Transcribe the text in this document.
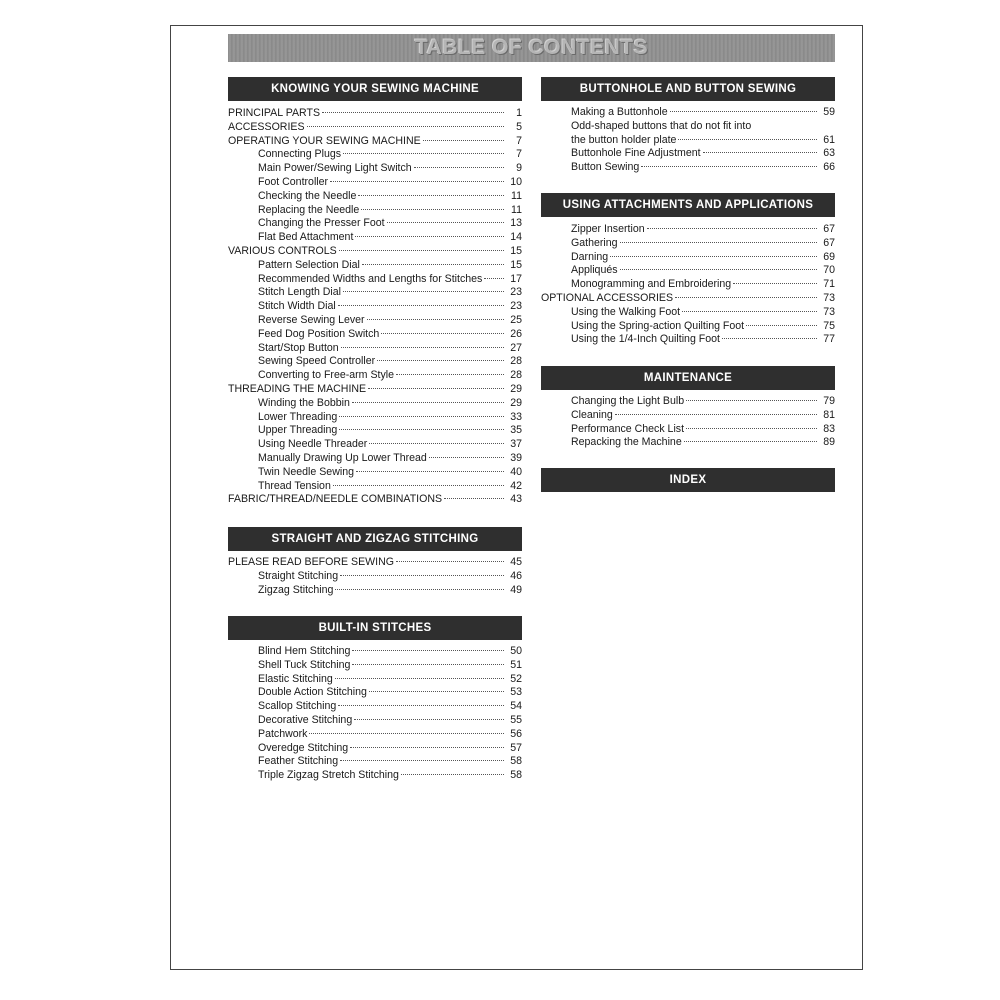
TABLE OF CONTENTS
KNOWING YOUR SEWING MACHINE
PRINCIPAL PARTS	1
ACCESSORIES	5
OPERATING YOUR SEWING MACHINE	7
Connecting Plugs	7
Main Power/Sewing Light Switch	9
Foot Controller	10
Checking the Needle	11
Replacing the Needle	11
Changing the Presser Foot	13
Flat Bed Attachment	14
VARIOUS CONTROLS	15
Pattern Selection Dial	15
Recommended Widths and Lengths for Stitches	17
Stitch Length Dial	23
Stitch Width Dial	23
Reverse Sewing Lever	25
Feed Dog Position Switch	26
Start/Stop Button	27
Sewing Speed Controller	28
Converting to Free-arm Style	28
THREADING THE MACHINE	29
Winding the Bobbin	29
Lower Threading	33
Upper Threading	35
Using Needle Threader	37
Manually Drawing Up Lower Thread	39
Twin Needle Sewing	40
Thread Tension	42
FABRIC/THREAD/NEEDLE COMBINATIONS	43
STRAIGHT AND ZIGZAG STITCHING
PLEASE READ BEFORE SEWING	45
Straight Stitching	46
Zigzag Stitching	49
BUILT-IN STITCHES
Blind Hem Stitching	50
Shell Tuck Stitching	51
Elastic Stitching	52
Double Action Stitching	53
Scallop Stitching	54
Decorative Stitching	55
Patchwork	56
Overedge Stitching	57
Feather Stitching	58
Triple Zigzag Stretch Stitching	58
BUTTONHOLE AND BUTTON SEWING
Making a Buttonhole	59
Odd-shaped buttons that do not fit into
the button holder plate	61
Buttonhole Fine Adjustment	63
Button Sewing	66
USING ATTACHMENTS AND APPLICATIONS
Zipper Insertion	67
Gathering	67
Darning	69
Appliqués	70
Monogramming and Embroidering	71
OPTIONAL ACCESSORIES	73
Using the Walking Foot	73
Using the Spring-action Quilting Foot	75
Using the 1/4-Inch Quilting Foot	77
MAINTENANCE
Changing the Light Bulb	79
Cleaning	81
Performance Check List	83
Repacking the Machine	89
INDEX
